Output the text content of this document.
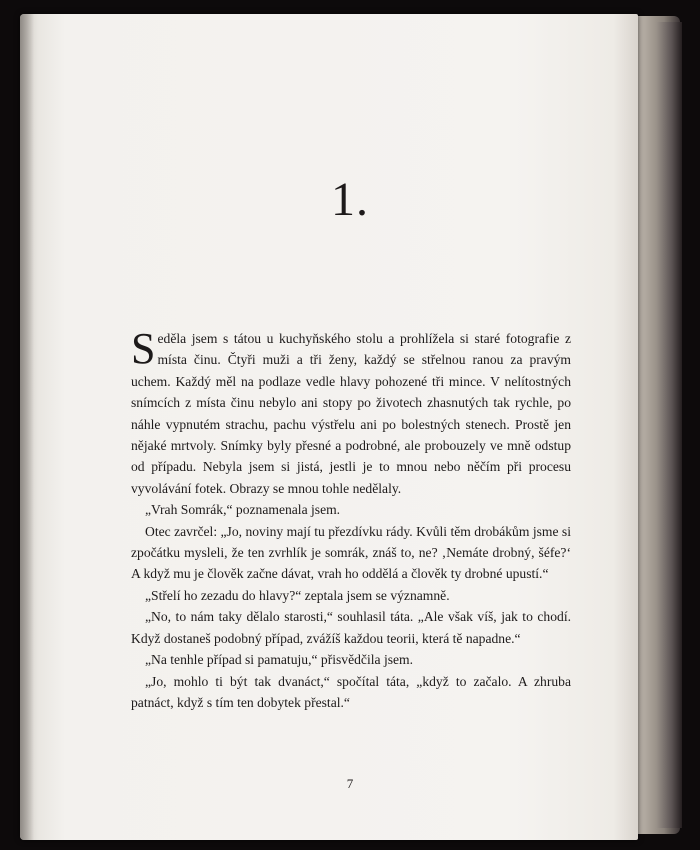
1.

Seděla jsem s tátou u kuchyňského stolu a prohlížela si staré fotografie z místa činu. Čtyři muži a tři ženy, každý se střelnou ranou za pravým uchem. Každý měl na podlaze vedle hlavy pohozené tři mince. V nelítostných snímcích z místa činu nebylo ani stopy po životech zhasnutých tak rychle, po náhle vypnutém strachu, pachu výstřelu ani po bolestných stenech. Prostě jen nějaké mrtvoly. Snímky byly přesné a podrobné, ale probouzely ve mně odstup od případu. Nebyla jsem si jistá, jestli je to mnou nebo něčím při procesu vyvolávání fotek. Obrazy se mnou tohle nedělaly.

„Vrah Somrák,“ poznamenala jsem.

Otec zavrčel: „Jo, noviny mají tu přezdívku rády. Kvůli těm drobákům jsme si zpočátku mysleli, že ten zvrhlík je somrák, znáš to, ne? ‚Nemáte drobný, šéfe?‘ A když mu je člověk začne dávat, vrah ho oddělá a člověk ty drobné upustí.“

„Střelí ho zezadu do hlavy?“ zeptala jsem se významně.

„No, to nám taky dělalo starosti,“ souhlasil táta. „Ale však víš, jak to chodí. Když dostaneš podobný případ, zvážíš každou teorii, která tě napadne.“

„Na tenhle případ si pamatuju,“ přisvědčila jsem.

„Jo, mohlo ti být tak dvanáct,“ spočítal táta, „když to začalo. A zhruba patnáct, když s tím ten dobytek přestal.“

7
